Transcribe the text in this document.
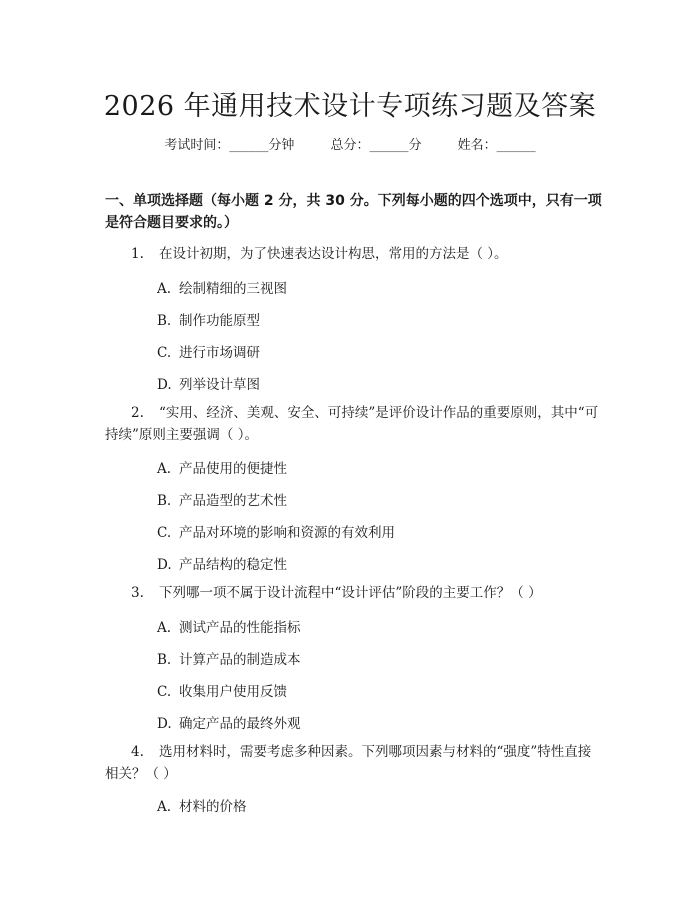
2026 年通用技术设计专项练习题及答案
考试时间：______分钟	总分：______分	姓名：______
一、单项选择题（每小题 2 分，共 30 分。下列每小题的四个选项中，只有一项是符合题目要求的。）
1. 在设计初期，为了快速表达设计构思，常用的方法是（ ）。
A. 绘制精细的三视图
B. 制作功能原型
C. 进行市场调研
D. 列举设计草图
2. “实用、经济、美观、安全、可持续”是评价设计作品的重要原则，其中“可持续”原则主要强调（ ）。
A. 产品使用的便捷性
B. 产品造型的艺术性
C. 产品对环境的影响和资源的有效利用
D. 产品结构的稳定性
3. 下列哪一项不属于设计流程中“设计评估”阶段的主要工作？（ ）
A. 测试产品的性能指标
B. 计算产品的制造成本
C. 收集用户使用反馈
D. 确定产品的最终外观
4. 选用材料时，需要考虑多种因素。下列哪项因素与材料的“强度”特性直接相关？（ ）
A. 材料的价格
